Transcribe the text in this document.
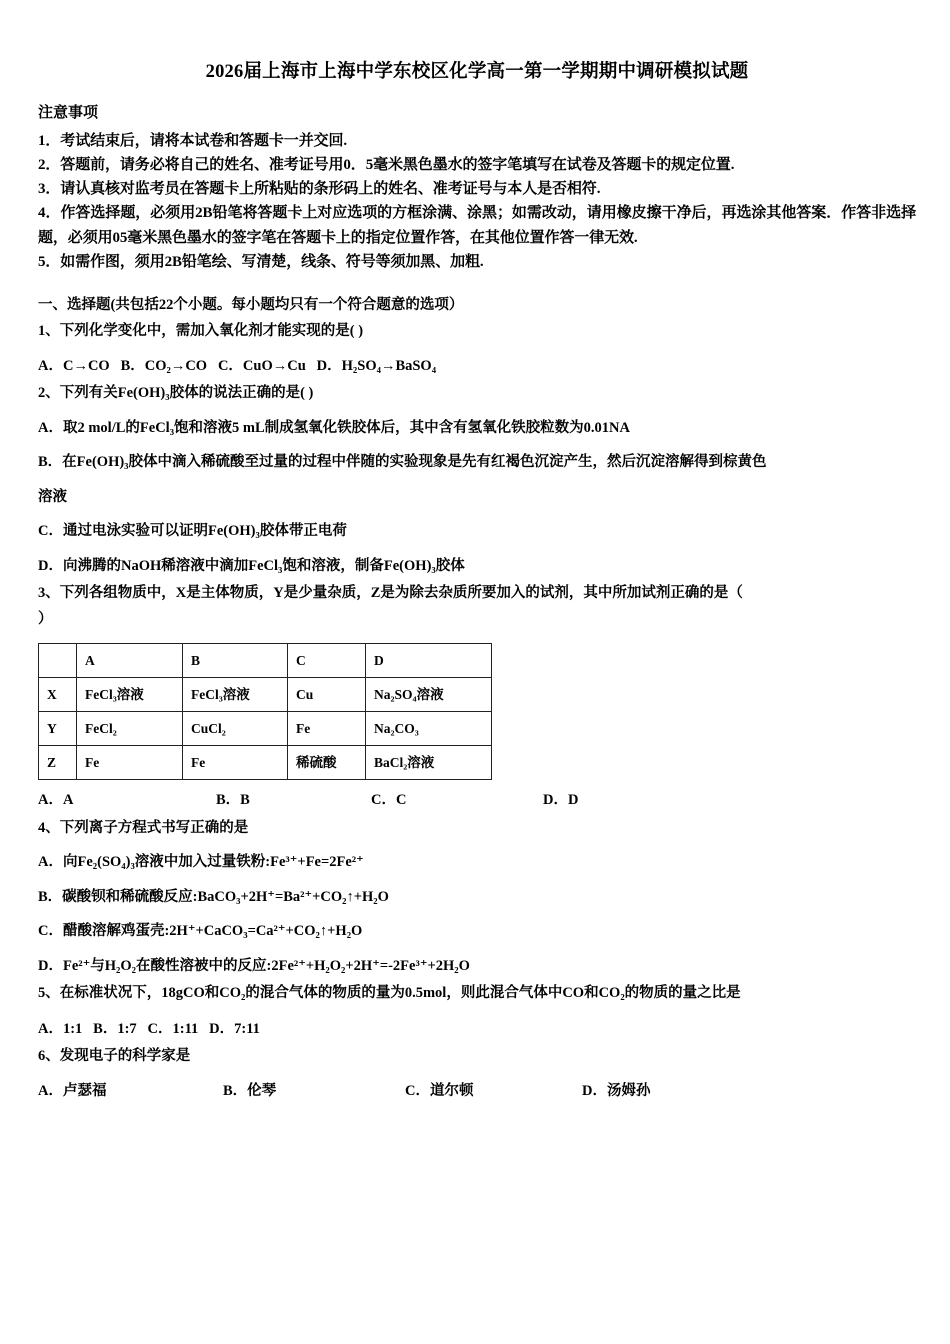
2026届上海市上海中学东校区化学高一第一学期期中调研模拟试题

注意事项

1．考试结束后，请将本试卷和答题卡一并交回.

2．答题前，请务必将自己的姓名、准考证号用0．5毫米黑色墨水的签字笔填写在试卷及答题卡的规定位置.

3．请认真核对监考员在答题卡上所粘贴的条形码上的姓名、准考证号与本人是否相符.

4．作答选择题，必须用2B铅笔将答题卡上对应选项的方框涂满、涂黑；如需改动，请用橡皮擦干净后，再选涂其他答案．作答非选择题，必须用05毫米黑色墨水的签字笔在答题卡上的指定位置作答，在其他位置作答一律无效.

5．如需作图，须用2B铅笔绘、写清楚，线条、符号等须加黑、加粗.

一、选择题(共包括22个小题。每小题均只有一个符合题意的选项）

1、下列化学变化中，需加入氧化剂才能实现的是( )

A．C→CO   B．CO₂→CO   C．CuO→Cu   D．H₂SO₄→BaSO₄

2、下列有关Fe(OH)₃胶体的说法正确的是( )

A．取2 mol/L的FeCl₃饱和溶液5 mL制成氢氧化铁胶体后，其中含有氢氧化铁胶粒数为0.01NA

B．在Fe(OH)₃胶体中滴入稀硫酸至过量的过程中伴随的实验现象是先有红褐色沉淀产生，然后沉淀溶解得到棕黄色

溶液

C．通过电泳实验可以证明Fe(OH)₃胶体带正电荷

D．向沸腾的NaOH稀溶液中滴加FeCl₃饱和溶液，制备Fe(OH)₃胶体

3、下列各组物质中，X是主体物质，Y是少量杂质，Z是为除去杂质所要加入的试剂，其中所加试剂正确的是（

）

	A	B	C	D
X	FeCl₃溶液	FeCl₃溶液	Cu	Na₂SO₄溶液
Y	FeCl₂	CuCl₂	Fe	Na₂CO₃
Z	Fe	Fe	稀硫酸	BaCl₂溶液
A．A	B．B	C．C	D．D

4、下列离子方程式书写正确的是

A．向Fe₂(SO₄)₃溶液中加入过量铁粉:Fe³⁺+Fe=2Fe²⁺

B．碳酸钡和稀硫酸反应:BaCO₃+2H⁺=Ba²⁺+CO₂↑+H₂O

C．醋酸溶解鸡蛋壳:2H⁺+CaCO₃=Ca²⁺+CO₂↑+H₂O

D．Fe²⁺与H₂O₂在酸性溶被中的反应:2Fe²⁺+H₂O₂+2H⁺=-2Fe³⁺+2H₂O

5、在标准状况下，18gCO和CO₂的混合气体的物质的量为0.5mol，则此混合气体中CO和CO₂的物质的量之比是

A．1:1   B．1:7   C．1:11   D．7:11

6、发现电子的科学家是

A．卢瑟福	B．伦琴	C．道尔顿	D．汤姆孙
